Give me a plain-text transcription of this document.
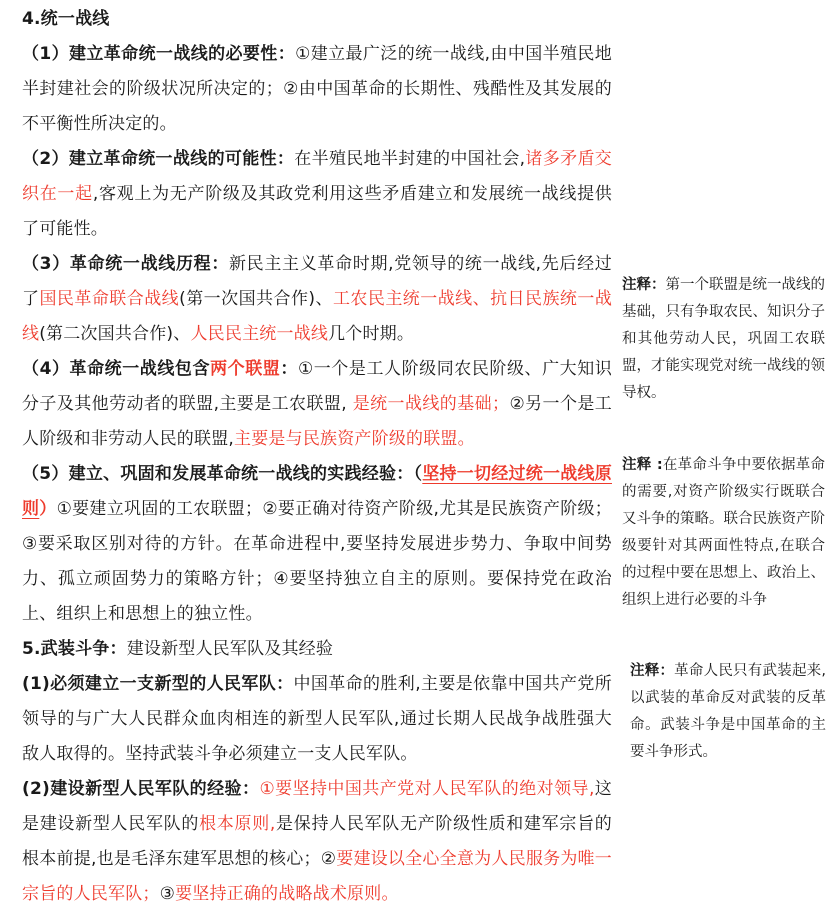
4.统一战线

（1）建立革命统一战线的必要性：①建立最广泛的统一战线,由中国半殖民地半封建社会的阶级状况所决定的；②由中国革命的长期性、残酷性及其发展的不平衡性所决定的。

（2）建立革命统一战线的可能性：在半殖民地半封建的中国社会,诸多矛盾交织在一起,客观上为无产阶级及其政党利用这些矛盾建立和发展统一战线提供了可能性。

（3）革命统一战线历程：新民主主义革命时期,党领导的统一战线,先后经过了国民革命联合战线(第一次国共合作)、工农民主统一战线、抗日民族统一战线(第二次国共合作)、人民民主统一战线几个时期。

（4）革命统一战线包含两个联盟：①一个是工人阶级同农民阶级、广大知识分子及其他劳动者的联盟,主要是工农联盟, 是统一战线的基础；②另一个是工人阶级和非劳动人民的联盟,主要是与民族资产阶级的联盟。

（5）建立、巩固和发展革命统一战线的实践经验：（坚持一切经过统一战线原则）①要建立巩固的工农联盟；②要正确对待资产阶级,尤其是民族资产阶级；③要采取区别对待的方针。在革命进程中,要坚持发展进步势力、争取中间势力、孤立顽固势力的策略方针；④要坚持独立自主的原则。要保持党在政治上、组织上和思想上的独立性。

5.武装斗争：建设新型人民军队及其经验

(1)必须建立一支新型的人民军队：中国革命的胜利,主要是依靠中国共产党所领导的与广大人民群众血肉相连的新型人民军队,通过长期人民战争战胜强大敌人取得的。坚持武装斗争必须建立一支人民军队。

(2)建设新型人民军队的经验：①要坚持中国共产党对人民军队的绝对领导,这是建设新型人民军队的根本原则,是保持人民军队无产阶级性质和建军宗旨的根本前提,也是毛泽东建军思想的核心；②要建设以全心全意为人民服务为唯一宗旨的人民军队；③要坚持正确的战略战术原则。

注释：第一个联盟是统一战线的基础，只有争取农民、知识分子和其他劳动人民，巩固工农联盟，才能实现党对统一战线的领导权。
注释 :在革命斗争中要依据革命的需要,对资产阶级实行既联合又斗争的策略。联合民族资产阶级要针对其两面性特点,在联合的过程中要在思想上、政治上、组织上进行必要的斗争
注释：革命人民只有武装起来,以武装的革命反对武装的反革命。武装斗争是中国革命的主要斗争形式。
